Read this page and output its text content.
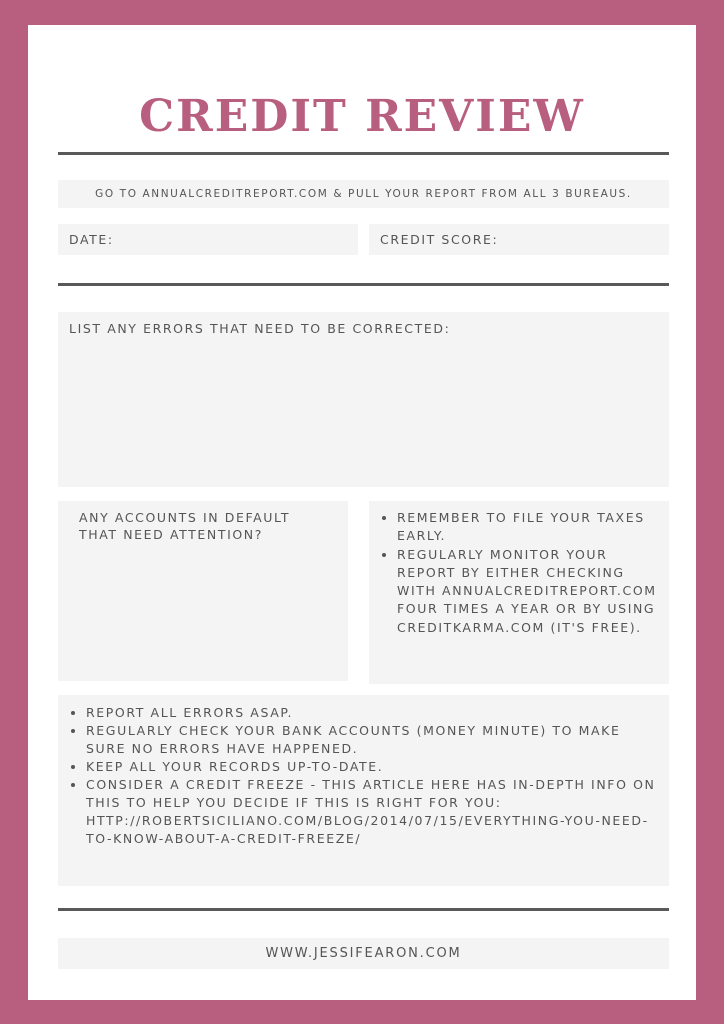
CREDIT REVIEW
GO TO ANNUALCREDITREPORT.COM & PULL YOUR REPORT FROM ALL 3 BUREAUS.
DATE:	CREDIT SCORE:
LIST ANY ERRORS THAT NEED TO BE CORRECTED:
ANY ACCOUNTS IN DEFAULT THAT NEED ATTENTION?
• REMEMBER TO FILE YOUR TAXES EARLY.
• REGULARLY MONITOR YOUR REPORT BY EITHER CHECKING WITH ANNUALCREDITREPORT.COM FOUR TIMES A YEAR OR BY USING CREDITKARMA.COM (IT'S FREE).
• REPORT ALL ERRORS ASAP.
• REGULARLY CHECK YOUR BANK ACCOUNTS (MONEY MINUTE) TO MAKE SURE NO ERRORS HAVE HAPPENED.
• KEEP ALL YOUR RECORDS UP-TO-DATE.
• CONSIDER A CREDIT FREEZE - THIS ARTICLE HERE HAS IN-DEPTH INFO ON THIS TO HELP YOU DECIDE IF THIS IS RIGHT FOR YOU: HTTP://ROBERTSICILIANO.COM/BLOG/2014/07/15/EVERYTHING-YOU-NEED-TO-KNOW-ABOUT-A-CREDIT-FREEZE/
WWW.JESSIFEARON.COM
